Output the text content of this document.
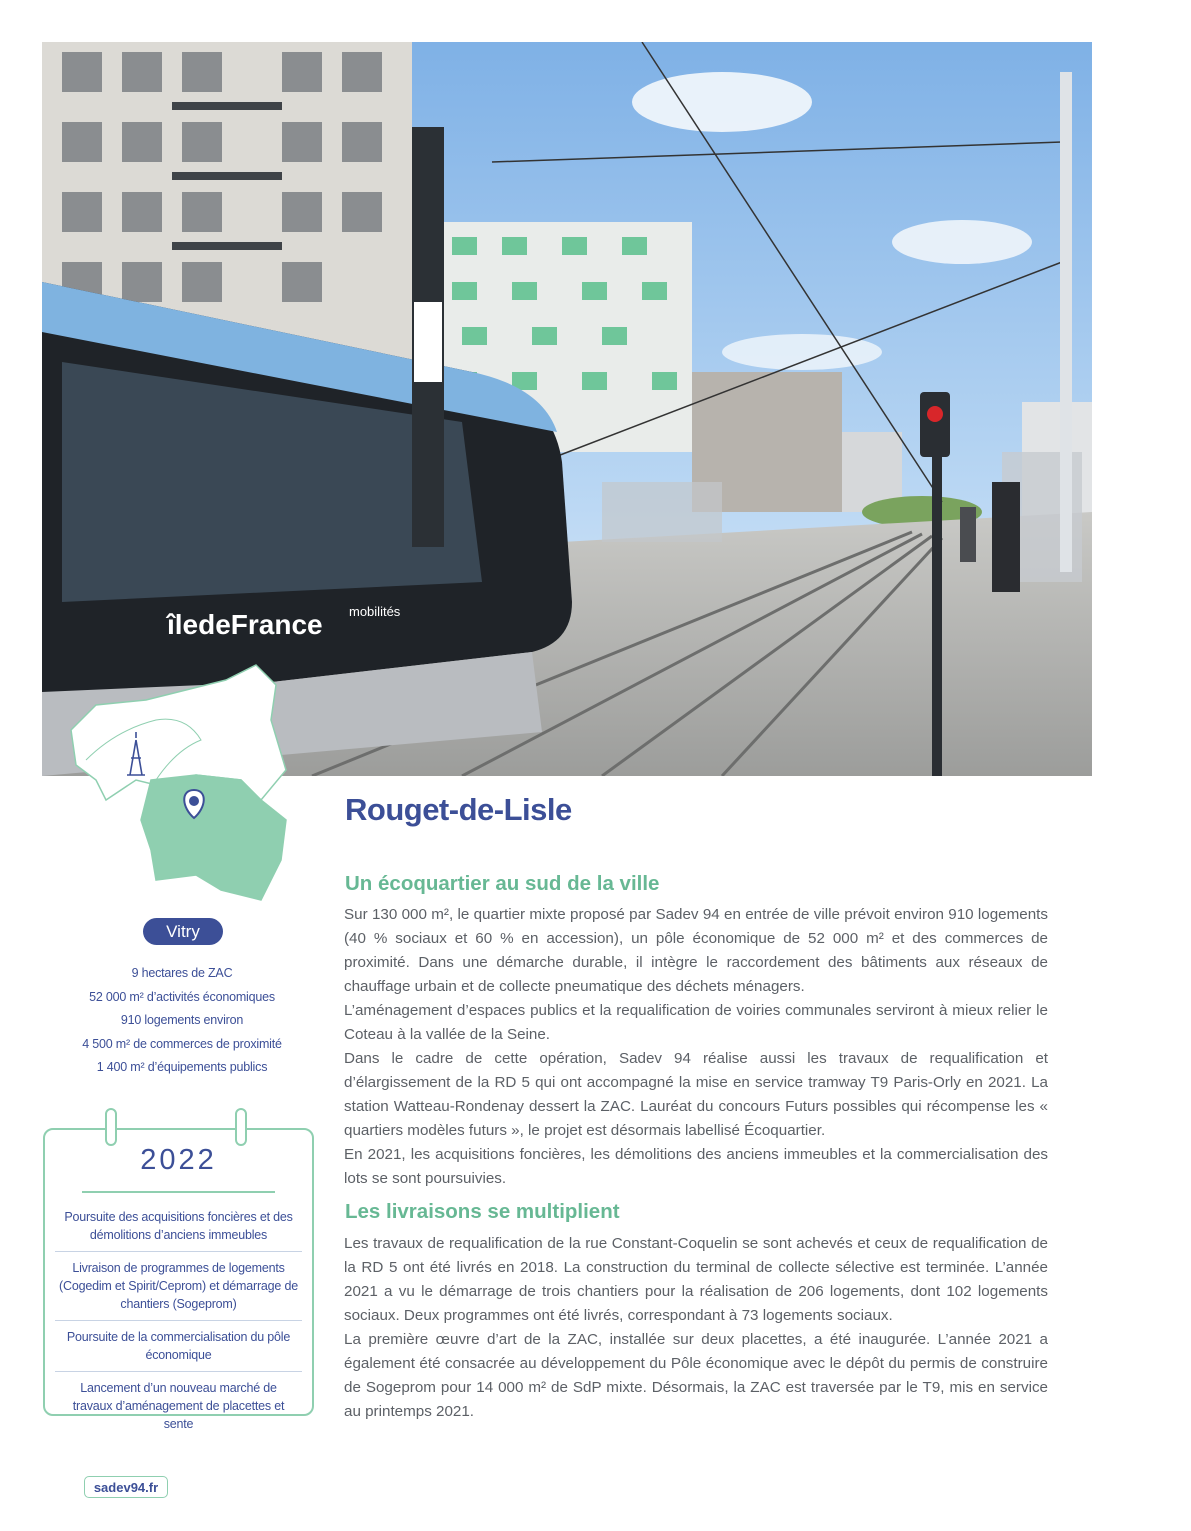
îledeFrance mobilités
Vitry
9 hectares de ZAC
52 000 m² d’activités économiques
910 logements environ
4 500 m² de commerces de proximité
1 400 m² d’équipements publics
2022
Poursuite des acquisitions foncières et des démolitions d’anciens immeubles
Livraison de programmes de logements (Cogedim et Spirit/Ceprom) et démarrage de chantiers (Sogeprom)
Poursuite de la commercialisation du pôle économique
Lancement d’un nouveau marché de travaux d’aménagement de placettes et sente
Rouget-de-Lisle
Un écoquartier au sud de la ville

Sur 130 000 m², le quartier mixte proposé par Sadev 94 en entrée de ville prévoit environ 910 logements (40 % sociaux et 60 % en accession), un pôle économique de 52 000 m² et des commerces de proximité. Dans une démarche durable, il intègre le raccordement des bâtiments aux réseaux de chauffage urbain et de collecte pneumatique des déchets ménagers.

L’aménagement d’espaces publics et la requalification de voiries communales serviront à mieux relier le Coteau à la vallée de la Seine.

Dans le cadre de cette opération, Sadev 94 réalise aussi les travaux de requalification et d’élargissement de la RD 5 qui ont accompagné la mise en service tramway T9 Paris-Orly en 2021. La station Watteau-Rondenay dessert la ZAC. Lauréat du concours Futurs possibles qui récompense les « quartiers modèles futurs », le projet est désormais labellisé Écoquartier.

En 2021, les acquisitions foncières, les démolitions des anciens immeubles et la commercialisation des lots se sont poursuivies.

Les livraisons se multiplient

Les travaux de requalification de la rue Constant-Coquelin se sont achevés et ceux de requalification de la RD 5 ont été livrés en 2018. La construction du terminal de collecte sélective est terminée. L’année 2021 a vu le démarrage de trois chantiers pour la réalisation de 206 logements, dont 102 logements sociaux. Deux programmes ont été livrés, correspondant à 73 logements sociaux.

La première œuvre d’art de la ZAC, installée sur deux placettes, a été inaugurée. L’année 2021 a également été consacrée au développement du Pôle économique avec le dépôt du permis de construire de Sogeprom pour 14 000 m² de SdP mixte. Désormais, la ZAC est traversée par le T9, mis en service au printemps 2021.

sadev94.fr
